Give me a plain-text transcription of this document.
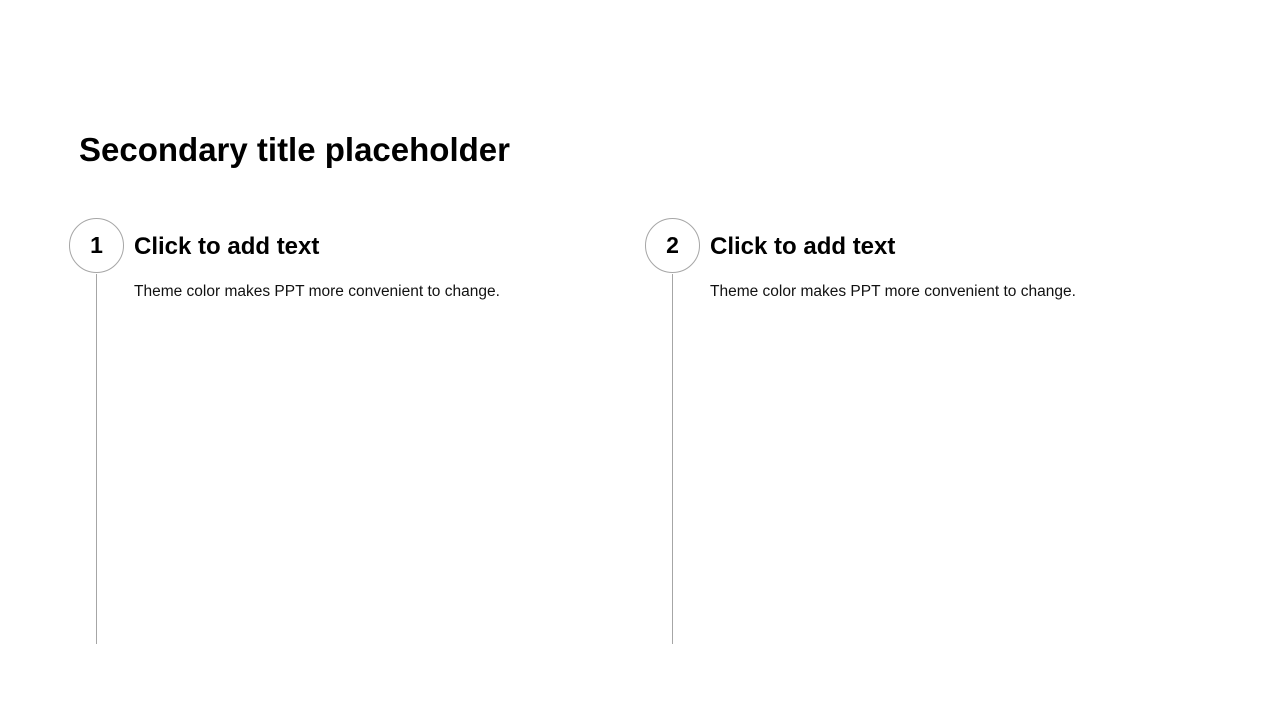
Secondary title placeholder
1	Click to add text
Theme color makes PPT more convenient to change.
2	Click to add text
Theme color makes PPT more convenient to change.
